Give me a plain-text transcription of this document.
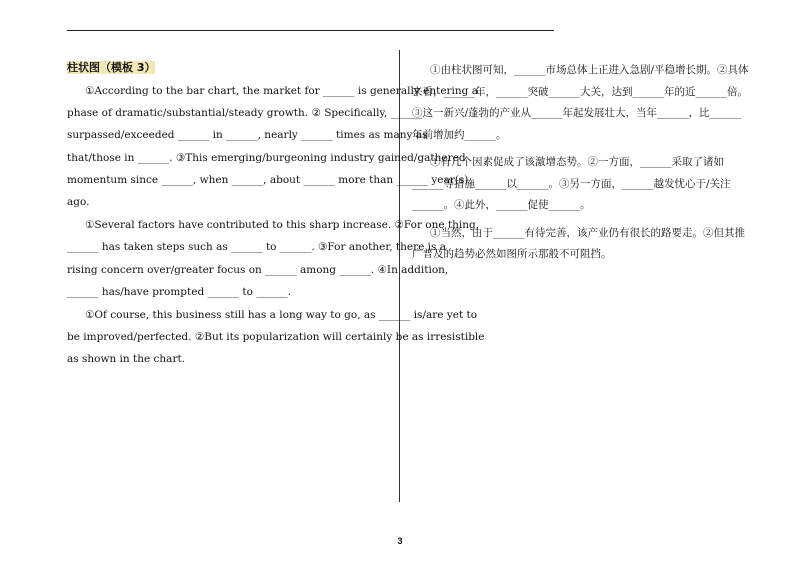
柱状图（模板 3）
①According to the bar chart, the market for ______ is generally entering a
phase of dramatic/substantial/steady growth. ② Specifically, ______
surpassed/exceeded ______ in ______, nearly ______ times as many as
that/those in ______. ③This emerging/burgeoning industry gained/gathered
momentum since ______, when ______, about ______ more than ______ year(s)
ago.
①Several factors have contributed to this sharp increase. ②For one thing,
______ has taken steps such as ______ to ______. ③For another, there is a
rising concern over/greater focus on ______ among ______. ④In addition,
______ has/have prompted ______ to ______.
①Of course, this business still has a long way to go, as ______ is/are yet to
be improved/perfected. ②But its popularization will certainly be as irresistible
as shown in the chart.
①由柱状图可知，______市场总体上正进入急剧/平稳增长期。②具体
来看，______年，______突破______大关，达到______年的近______倍。
③这一新兴/蓬勃的产业从______年起发展壮大，当年______，比______
年前增加约______。
①有几个因素促成了该激增态势。②一方面，______采取了诸如
______等措施______以______。③另一方面，______越发忧心于/关注
______。④此外，______促使______。
①当然，由于______有待完善，该产业仍有很长的路要走。②但其推
广普及的趋势必然如图所示那般不可阻挡。
3
